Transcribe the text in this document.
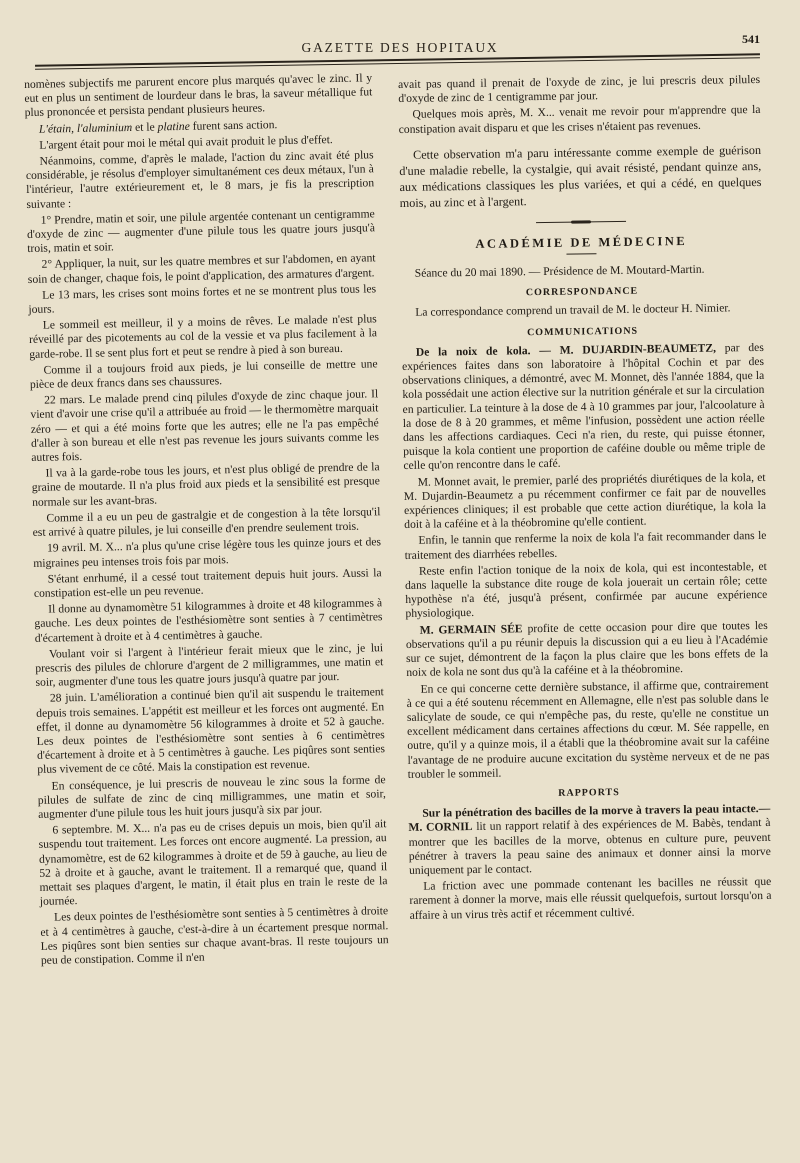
GAZETTE DES HOPITAUX
541

nomènes subjectifs me parurent encore plus marqués qu'avec le zinc. Il y eut en plus un sentiment de lourdeur dans le bras, la saveur métallique fut plus prononcée et persista pendant plusieurs heures.

L'étain, l'aluminium et le platine furent sans action.

L'argent était pour moi le métal qui avait produit le plus d'effet.

Néanmoins, comme, d'après le malade, l'action du zinc avait été plus considérable, je résolus d'employer simultanément ces deux métaux, l'un à l'intérieur, l'autre extérieurement et, le 8 mars, je fis la prescription suivante :

1° Prendre, matin et soir, une pilule argentée contenant un centigramme d'oxyde de zinc — augmenter d'une pilule tous les quatre jours jusqu'à trois, matin et soir.

2° Appliquer, la nuit, sur les quatre membres et sur l'abdomen, en ayant soin de changer, chaque fois, le point d'application, des armatures d'argent.

Le 13 mars, les crises sont moins fortes et ne se montrent plus tous les jours.

Le sommeil est meilleur, il y a moins de rêves. Le malade n'est plus réveillé par des picotements au col de la vessie et va plus facilement à la garde-robe. Il se sent plus fort et peut se rendre à pied à son bureau.

Comme il a toujours froid aux pieds, je lui conseille de mettre une pièce de deux francs dans ses chaussures.

22 mars. Le malade prend cinq pilules d'oxyde de zinc chaque jour. Il vient d'avoir une crise qu'il a attribuée au froid — le thermomètre marquait zéro — et qui a été moins forte que les autres; elle ne l'a pas empêché d'aller à son bureau et elle n'est pas revenue les jours suivants comme les autres fois.

Il va à la garde-robe tous les jours, et n'est plus obligé de prendre de la graine de moutarde. Il n'a plus froid aux pieds et la sensibilité est presque normale sur les avant-bras.

Comme il a eu un peu de gastralgie et de congestion à la tête lorsqu'il est arrivé à quatre pilules, je lui conseille d'en prendre seulement trois.

19 avril. M. X... n'a plus qu'une crise légère tous les quinze jours et des migraines peu intenses trois fois par mois.

S'étant enrhumé, il a cessé tout traitement depuis huit jours. Aussi la constipation est-elle un peu revenue.

Il donne au dynamomètre 51 kilogrammes à droite et 48 kilogrammes à gauche. Les deux pointes de l'esthésiomètre sont senties à 7 centimètres d'écartement à droite et à 4 centimètres à gauche.

Voulant voir si l'argent à l'intérieur ferait mieux que le zinc, je lui prescris des pilules de chlorure d'argent de 2 milligrammes, une matin et soir, augmenter d'une tous les quatre jours jusqu'à quatre par jour.

28 juin. L'amélioration a continué bien qu'il ait suspendu le traitement depuis trois semaines. L'appétit est meilleur et les forces ont augmenté. En effet, il donne au dynamomètre 56 kilogrammes à droite et 52 à gauche. Les deux pointes de l'esthésiomètre sont senties à 6 centimètres d'écartement à droite et à 5 centimètres à gauche. Les piqûres sont senties plus vivement de ce côté. Mais la constipation est revenue.

En conséquence, je lui prescris de nouveau le zinc sous la forme de pilules de sulfate de zinc de cinq milligrammes, une matin et soir, augmenter d'une pilule tous les huit jours jusqu'à six par jour.

6 septembre. M. X... n'a pas eu de crises depuis un mois, bien qu'il ait suspendu tout traitement. Les forces ont encore augmenté. La pression, au dynamomètre, est de 62 kilogrammes à droite et de 59 à gauche, au lieu de 52 à droite et à gauche, avant le traitement. Il a remarqué que, quand il mettait ses plaques d'argent, le matin, il était plus en train le reste de la journée.

Les deux pointes de l'esthésiomètre sont senties à 5 centimètres à droite et à 4 centimètres à gauche, c'est-à-dire à un écartement presque normal. Les piqûres sont bien senties sur chaque avant-bras. Il reste toujours un peu de constipation. Comme il n'en

avait pas quand il prenait de l'oxyde de zinc, je lui prescris deux pilules d'oxyde de zinc de 1 centigramme par jour.

Quelques mois après, M. X... venait me revoir pour m'apprendre que la constipation avait disparu et que les crises n'étaient pas revenues.

Cette observation m'a paru intéressante comme exemple de guérison d'une maladie rebelle, la cystalgie, qui avait résisté, pendant quinze ans, aux médications classiques les plus variées, et qui a cédé, en quelques mois, au zinc et à l'argent.

ACADÉMIE DE MÉDECINE

Séance du 20 mai 1890. — Présidence de M. Moutard-Martin.

CORRESPONDANCE

La correspondance comprend un travail de M. le docteur H. Nimier.

COMMUNICATIONS

De la noix de kola. — M. DUJARDIN-BEAUMETZ, par des expériences faites dans son laboratoire à l'hôpital Cochin et par des observations cliniques, a démontré, avec M. Monnet, dès l'année 1884, que la kola possédait une action élective sur la nutrition générale et sur la circulation en particulier. La teinture à la dose de 4 à 10 grammes par jour, l'alcoolature à la dose de 8 à 20 grammes, et même l'infusion, possèdent une action réelle dans les affections cardiaques. Ceci n'a rien, du reste, qui puisse étonner, puisque la kola contient une proportion de caféine double ou même triple de celle qu'on rencontre dans le café.

M. Monnet avait, le premier, parlé des propriétés diurétiques de la kola, et M. Dujardin-Beaumetz a pu récemment confirmer ce fait par de nouvelles expériences cliniques; il est probable que cette action diurétique, la kola la doit à la caféine et à la théobromine qu'elle contient.

Enfin, le tannin que renferme la noix de kola l'a fait recommander dans le traitement des diarrhées rebelles.

Reste enfin l'action tonique de la noix de kola, qui est incontestable, et dans laquelle la substance dite rouge de kola jouerait un certain rôle; cette hypothèse n'a été, jusqu'à présent, confirmée par aucune expérience physiologique.

M. GERMAIN SÉE profite de cette occasion pour dire que toutes les observations qu'il a pu réunir depuis la discussion qui a eu lieu à l'Académie sur ce sujet, démontrent de la façon la plus claire que les bons effets de la noix de kola ne sont dus qu'à la caféine et à la théobromine.

En ce qui concerne cette dernière substance, il affirme que, contrairement à ce qui a été soutenu récemment en Allemagne, elle n'est pas soluble dans le salicylate de soude, ce qui n'empêche pas, du reste, qu'elle ne constitue un excellent médicament dans certaines affections du cœur. M. Sée rappelle, en outre, qu'il y a quinze mois, il a établi que la théobromine avait sur la caféine l'avantage de ne produire aucune excitation du système nerveux et de ne pas troubler le sommeil.

RAPPORTS

Sur la pénétration des bacilles de la morve à travers la peau intacte.—M. CORNIL lit un rapport relatif à des expériences de M. Babès, tendant à montrer que les bacilles de la morve, obtenus en culture pure, peuvent pénétrer à travers la peau saine des animaux et donner ainsi la morve uniquement par le contact.

La friction avec une pommade contenant les bacilles ne réussit que rarement à donner la morve, mais elle réussit quelquefois, surtout lorsqu'on a affaire à un virus très actif et récemment cultivé.
